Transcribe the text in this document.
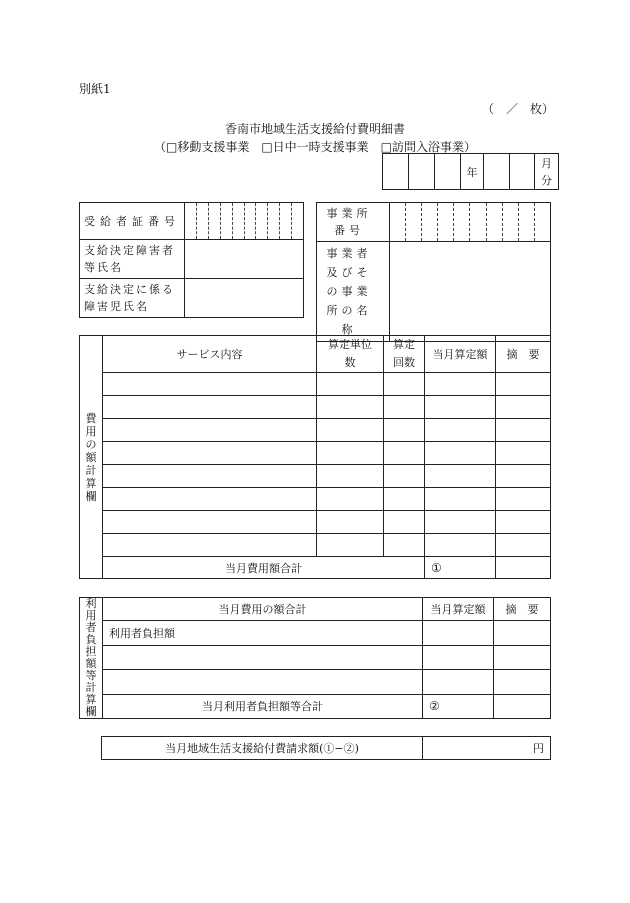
別紙1
（　／　枚）
香南市地域生活支援給付費明細書
（□移動支援事業　□日中一時支援事業　□訪問入浴事業）
			年			月分
受給者証番号	

支給決定障害者等氏名	

支給決定に係る障害児氏名	

事業所番号	

事業者及びその事業所の名称	

費用の額計算欄	サービス内容	算定単位数	算定回数	当月算定額	摘　要

	当月費用額合計			①	
利用者負担額等計算欄	当月費用の額合計	当月算定額	摘　要
	利用者負担額		

	当月利用者負担額等合計	②	
当月地域生活支援給付費請求額(①−②)	円
